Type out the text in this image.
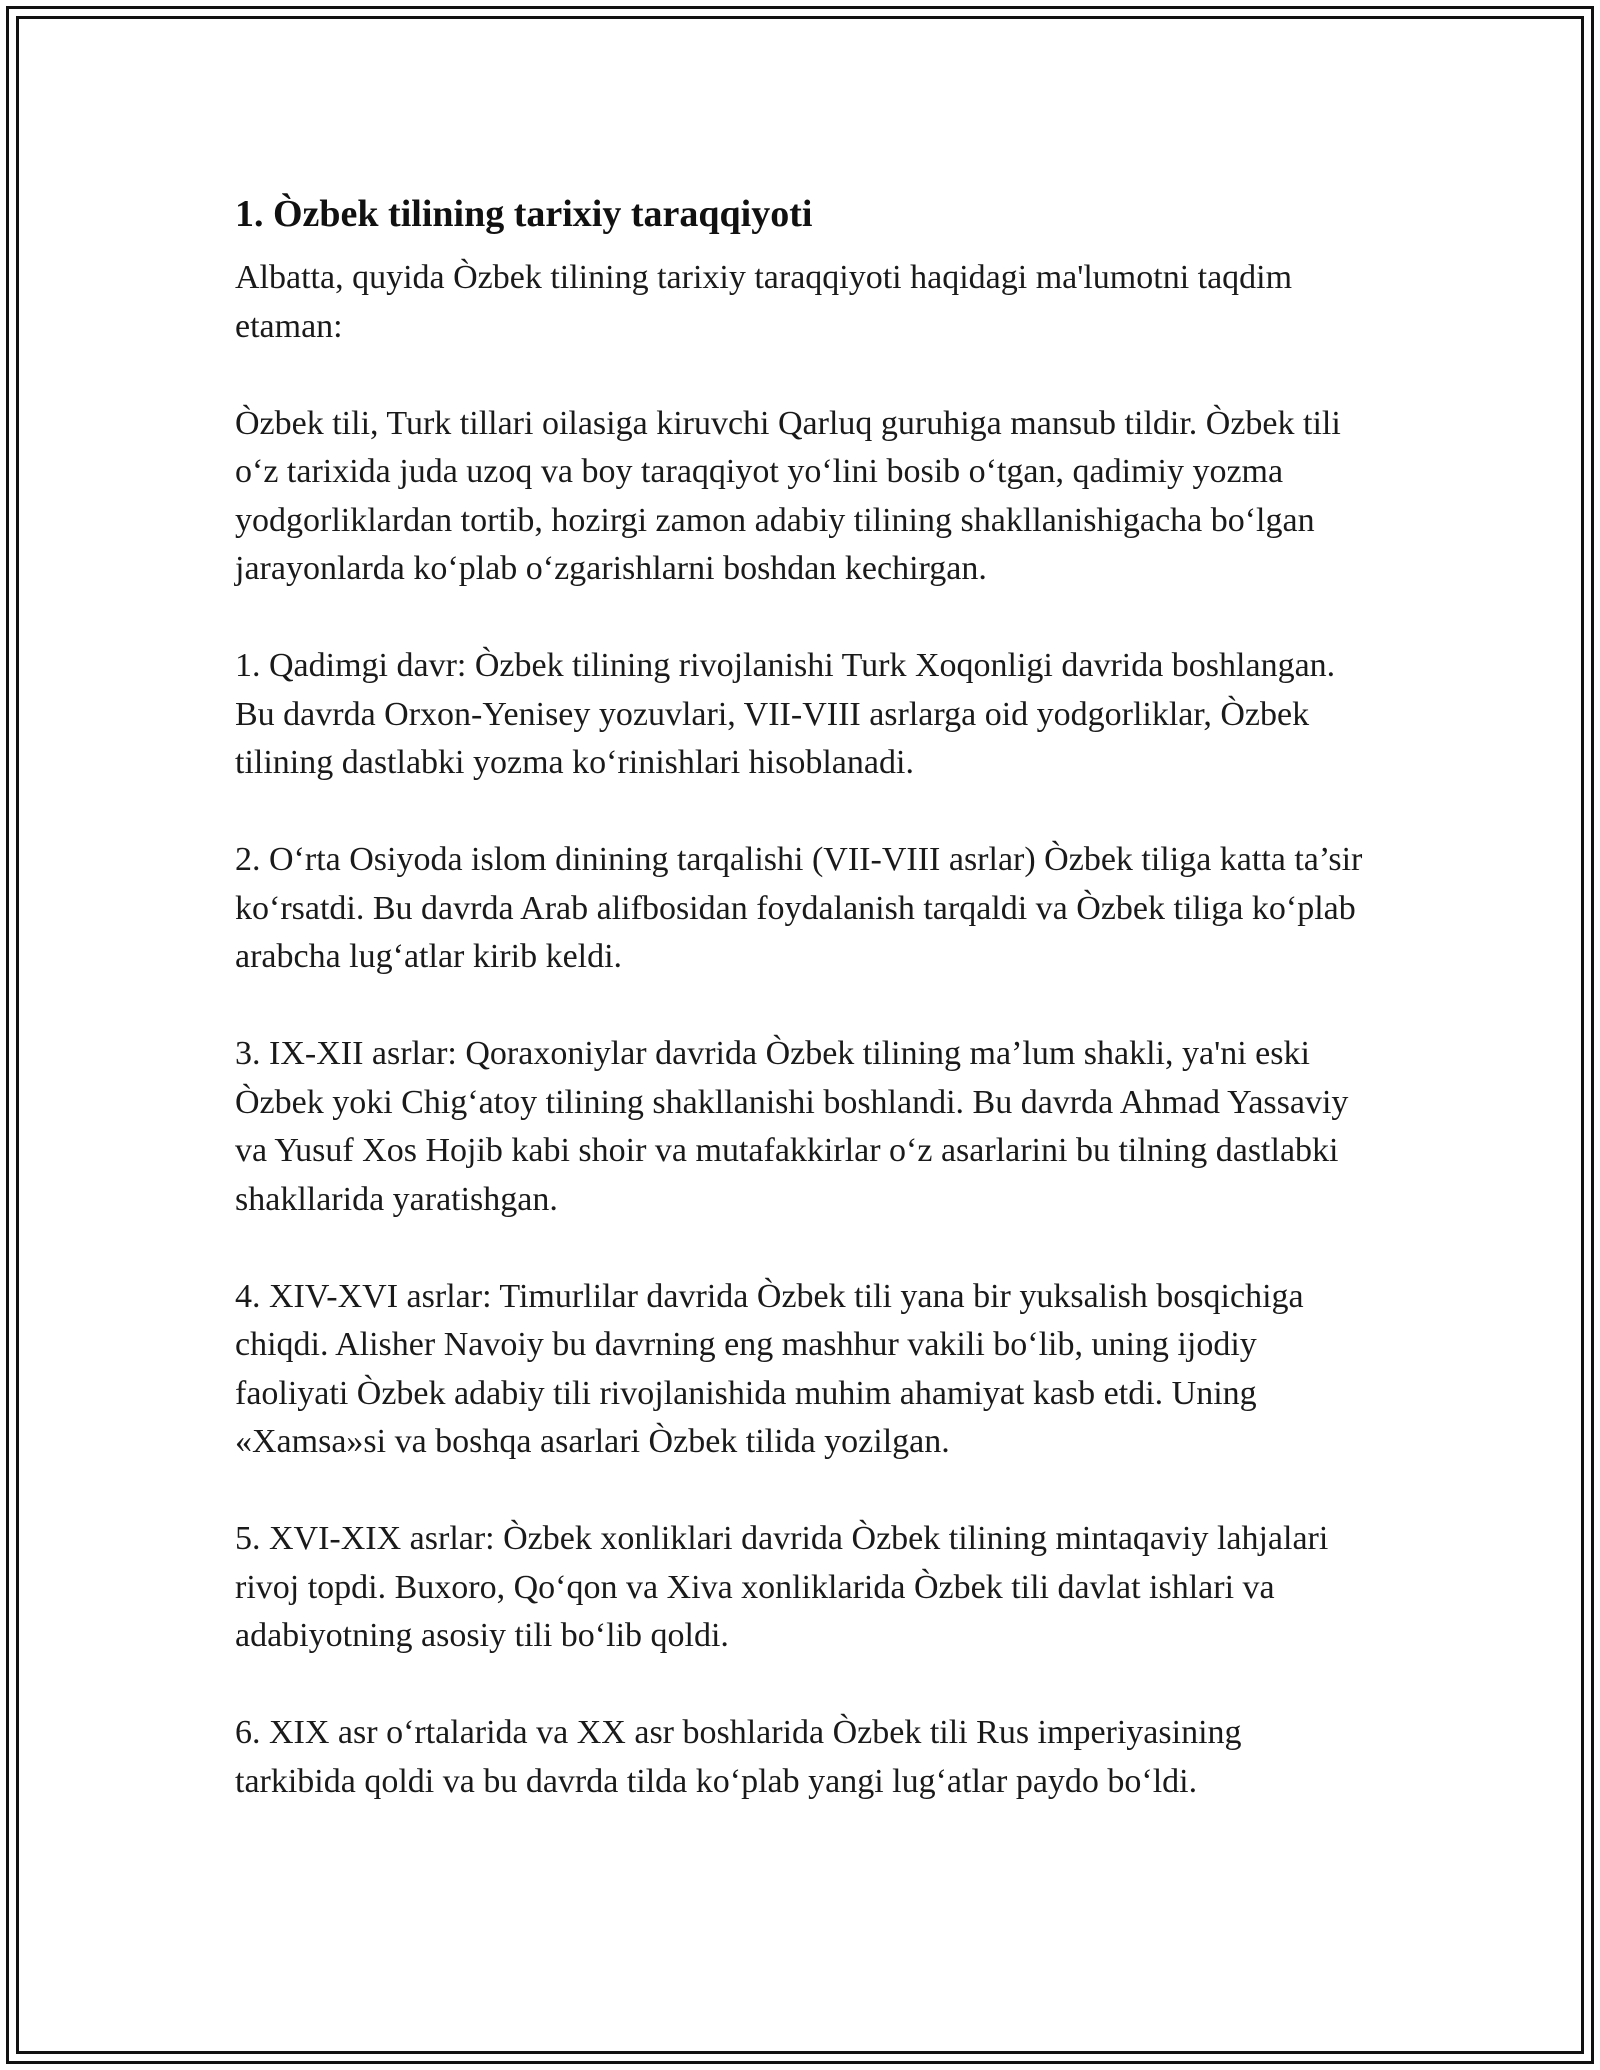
1. Òzbek tilining tarixiy taraqqiyoti

Albatta, quyida Òzbek tilining tarixiy taraqqiyoti haqidagi ma'lumotni taqdim etaman:

Òzbek tili, Turk tillari oilasiga kiruvchi Qarluq guruhiga mansub tildir. Òzbek tili o‘z tarixida juda uzoq va boy taraqqiyot yo‘lini bosib o‘tgan, qadimiy yozma yodgorliklardan tortib, hozirgi zamon adabiy tilining shakllanishigacha bo‘lgan jarayonlarda ko‘plab o‘zgarishlarni boshdan kechirgan.

1. Qadimgi davr: Òzbek tilining rivojlanishi Turk Xoqonligi davrida boshlangan. Bu davrda Orxon-Yenisey yozuvlari, VII-VIII asrlarga oid yodgorliklar, Òzbek tilining dastlabki yozma ko‘rinishlari hisoblanadi.

2. O‘rta Osiyoda islom dinining tarqalishi (VII-VIII asrlar) Òzbek tiliga katta ta’sir ko‘rsatdi. Bu davrda Arab alifbosidan foydalanish tarqaldi va Òzbek tiliga ko‘plab arabcha lug‘atlar kirib keldi.

3. IX-XII asrlar: Qoraxoniylar davrida Òzbek tilining ma’lum shakli, ya'ni eski Òzbek yoki Chig‘atoy tilining shakllanishi boshlandi. Bu davrda Ahmad Yassaviy va Yusuf Xos Hojib kabi shoir va mutafakkirlar o‘z asarlarini bu tilning dastlabki shakllarida yaratishgan.

4. XIV-XVI asrlar: Timurlilar davrida Òzbek tili yana bir yuksalish bosqichiga chiqdi. Alisher Navoiy bu davrning eng mashhur vakili bo‘lib, uning ijodiy faoliyati Òzbek adabiy tili rivojlanishida muhim ahamiyat kasb etdi. Uning «Xamsa»si va boshqa asarlari Òzbek tilida yozilgan.

5. XVI-XIX asrlar: Òzbek xonliklari davrida Òzbek tilining mintaqaviy lahjalari rivoj topdi. Buxoro, Qo‘qon va Xiva xonliklarida Òzbek tili davlat ishlari va adabiyotning asosiy tili bo‘lib qoldi.

6. XIX asr o‘rtalarida va XX asr boshlarida Òzbek tili Rus imperiyasining tarkibida qoldi va bu davrda tilda ko‘plab yangi lug‘atlar paydo bo‘ldi.
